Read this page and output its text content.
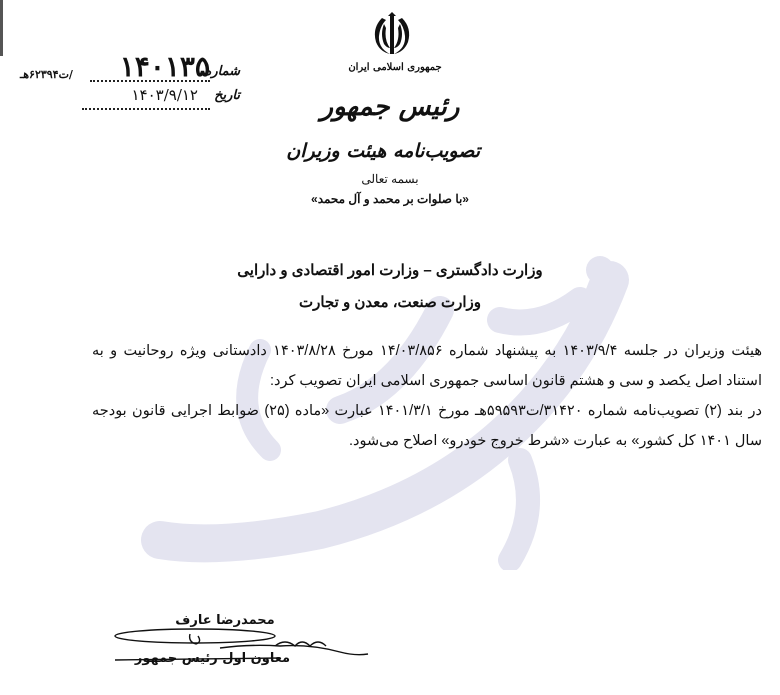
جمهوری اسلامی ایران
رئیس جمهور
تصویب‌نامه هیئت وزیران
بسمه تعالی
«با صلوات بر محمد و آل محمد»
شماره
۱۴۰۱۳۵
/ت۶۲۳۹۴هـ
تاریخ
۱۴۰۳/۹/۱۲
وزارت دادگستری – وزارت امور اقتصادی و دارایی
وزارت صنعت، معدن و تجارت

هیئت وزیران در جلسه ۱۴۰۳/۹/۴ به پیشنهاد شماره ۱۴/۰۳/۸۵۶ مورخ ۱۴۰۳/۸/۲۸ دادستانی ویژه روحانیت و به استناد اصل یکصد و سی و هشتم قانون اساسی جمهوری اسلامی ایران تصویب کرد:

در بند (۲) تصویب‌نامه شماره ۳۱۴۲۰/ت۵۹۵۹۳هـ مورخ ۱۴۰۱/۳/۱ عبارت «ماده (۲۵) ضوابط اجرایی قانون بودجه سال ۱۴۰۱ کل کشور» به عبارت «شرط خروج خودرو» اصلاح می‌شود.

محمدرضا عارف
معاون اول رئیس جمهور
